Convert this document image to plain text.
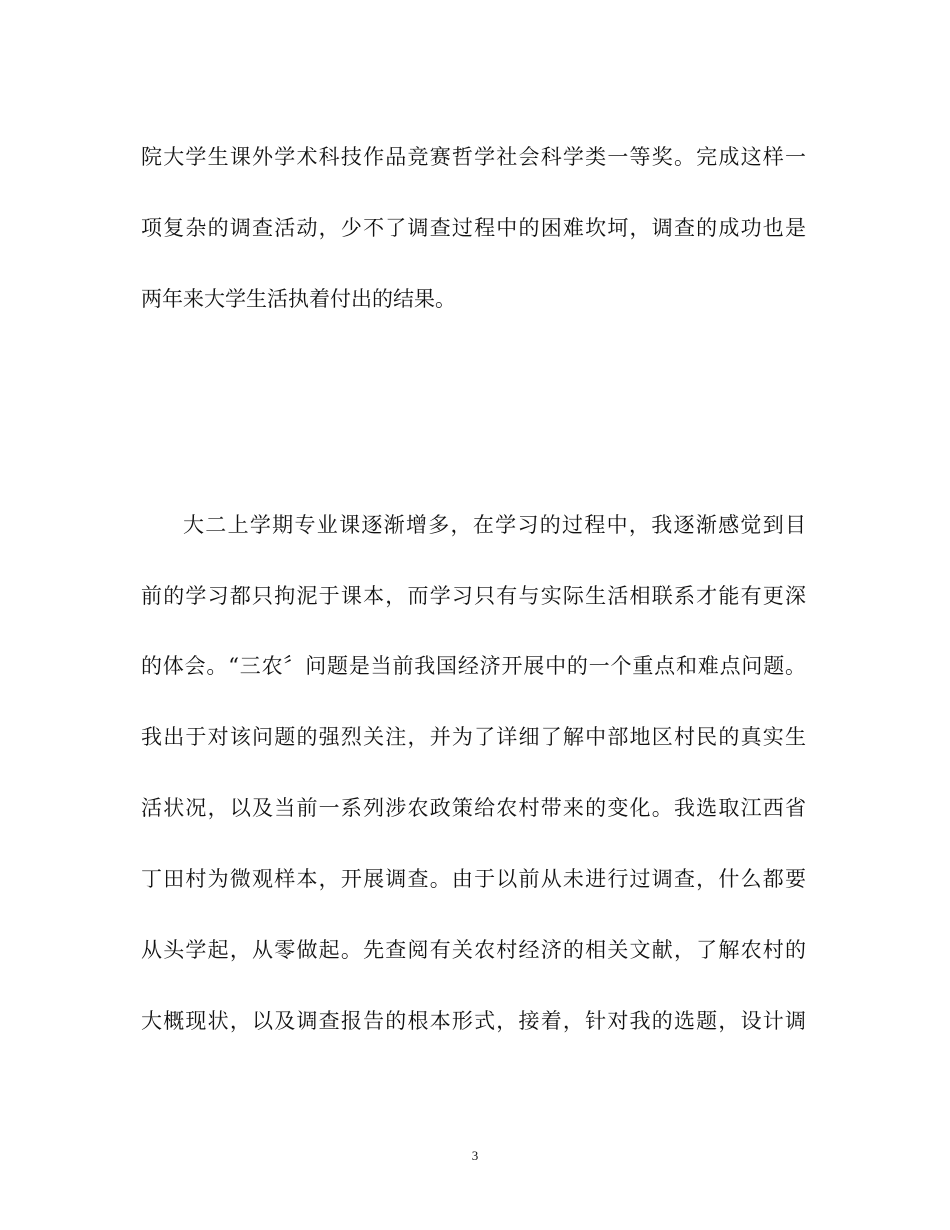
院大学生课外学术科技作品竞赛哲学社会科学类一等奖。完成这样一
项复杂的调查活动，少不了调查过程中的困难坎坷，调查的成功也是
两年来大学生活执着付出的结果。
大二上学期专业课逐渐增多，在学习的过程中，我逐渐感觉到目
前的学习都只拘泥于课本，而学习只有与实际生活相联系才能有更深
的体会。“三农〞问题是当前我国经济开展中的一个重点和难点问题。
我出于对该问题的强烈关注，并为了详细了解中部地区村民的真实生
活状况，以及当前一系列涉农政策给农村带来的变化。我选取江西省
丁田村为微观样本，开展调查。由于以前从未进行过调查，什么都要
从头学起，从零做起。先查阅有关农村经济的相关文献，了解农村的
大概现状，以及调查报告的根本形式，接着，针对我的选题，设计调
3
